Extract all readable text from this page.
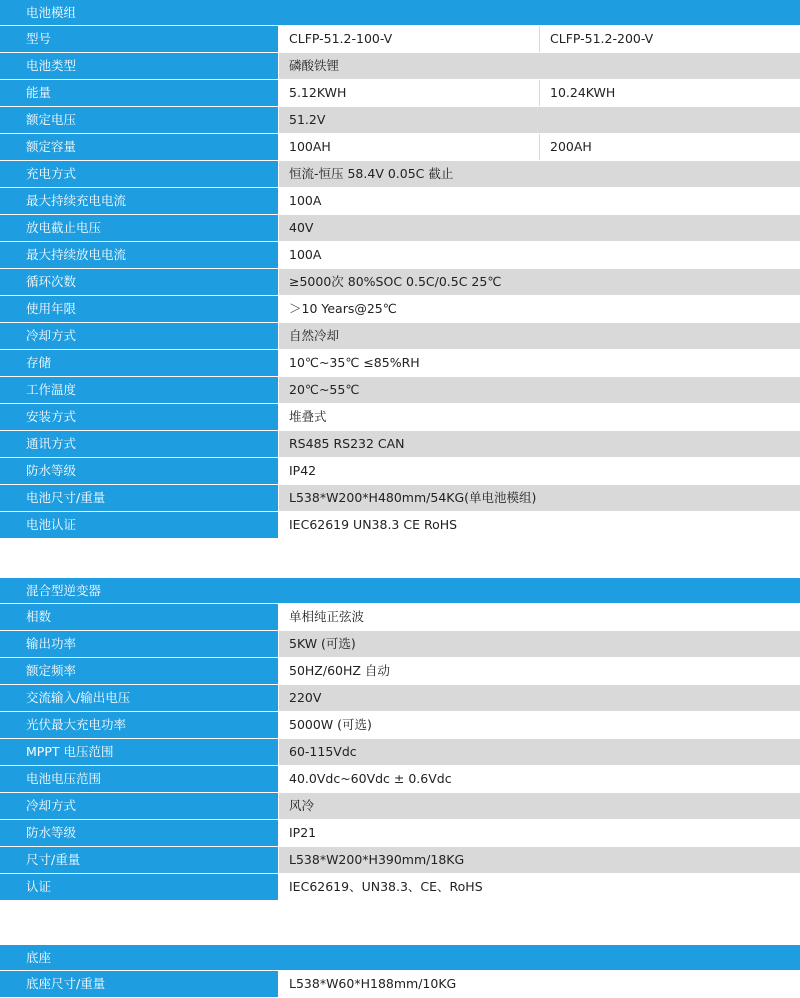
电池模组
型号	CLFP-51.2-100-V	CLFP-51.2-200-V
电池类型	磷酸铁锂
能量	5.12KWH	10.24KWH
额定电压	51.2V
额定容量	100AH	200AH
充电方式	恒流-恒压 58.4V 0.05C 截止
最大持续充电电流	100A
放电截止电压	40V
最大持续放电电流	100A
循环次数	≥5000次 80%SOC 0.5C/0.5C 25℃
使用年限	＞10 Years@25℃
冷却方式	自然冷却
存储	10℃~35℃ ≤85%RH
工作温度	20℃~55℃
安装方式	堆叠式
通讯方式	RS485 RS232 CAN
防水等级	IP42
电池尺寸/重量	L538*W200*H480mm/54KG(单电池模组)
电池认证	IEC62619 UN38.3 CE RoHS
混合型逆变器
相数	单相纯正弦波
输出功率	5KW (可选)
额定频率	50HZ/60HZ 自动
交流输入/输出电压	220V
光伏最大充电功率	5000W (可选)
MPPT 电压范围	60-115Vdc
电池电压范围	40.0Vdc~60Vdc ± 0.6Vdc
冷却方式	风冷
防水等级	IP21
尺寸/重量	L538*W200*H390mm/18KG
认证	IEC62619、UN38.3、CE、RoHS
底座
底座尺寸/重量	L538*W60*H188mm/10KG
